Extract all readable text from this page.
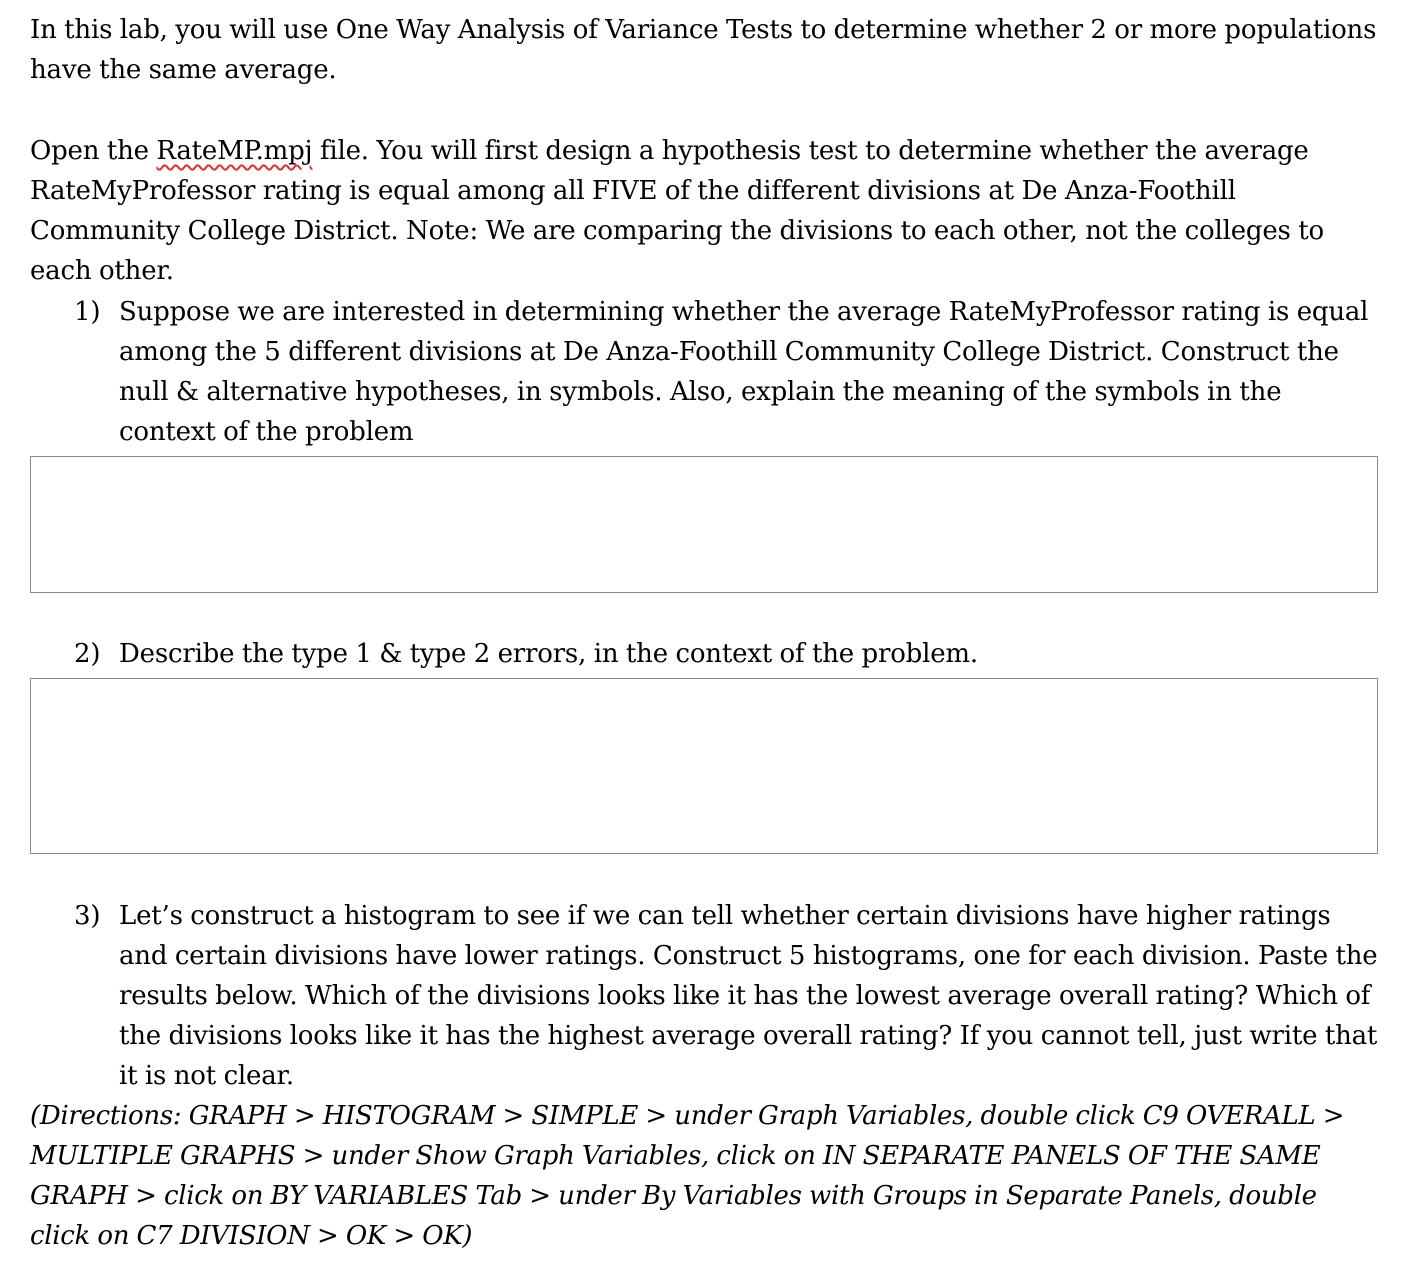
In this lab, you will use One Way Analysis of Variance Tests to determine whether 2 or more populations have the same average.

Open the RateMP.mpj file. You will first design a hypothesis test to determine whether the average RateMyProfessor rating is equal among all FIVE of the different divisions at De Anza-Foothill Community College District. Note: We are comparing the divisions to each other, not the colleges to each other.

1) Suppose we are interested in determining whether the average RateMyProfessor rating is equal among the 5 different divisions at De Anza-Foothill Community College District. Construct the null & alternative hypotheses, in symbols. Also, explain the meaning of the symbols in the context of the problem
2) Describe the type 1 & type 2 errors, in the context of the problem.
3) Let’s construct a histogram to see if we can tell whether certain divisions have higher ratings and certain divisions have lower ratings. Construct 5 histograms, one for each division. Paste the results below. Which of the divisions looks like it has the lowest average overall rating? Which of the divisions looks like it has the highest average overall rating? If you cannot tell, just write that it is not clear.

(Directions: GRAPH > HISTOGRAM > SIMPLE > under Graph Variables, double click C9 OVERALL > MULTIPLE GRAPHS > under Show Graph Variables, click on IN SEPARATE PANELS OF THE SAME GRAPH > click on BY VARIABLES Tab > under By Variables with Groups in Separate Panels, double click on C7 DIVISION > OK > OK)
